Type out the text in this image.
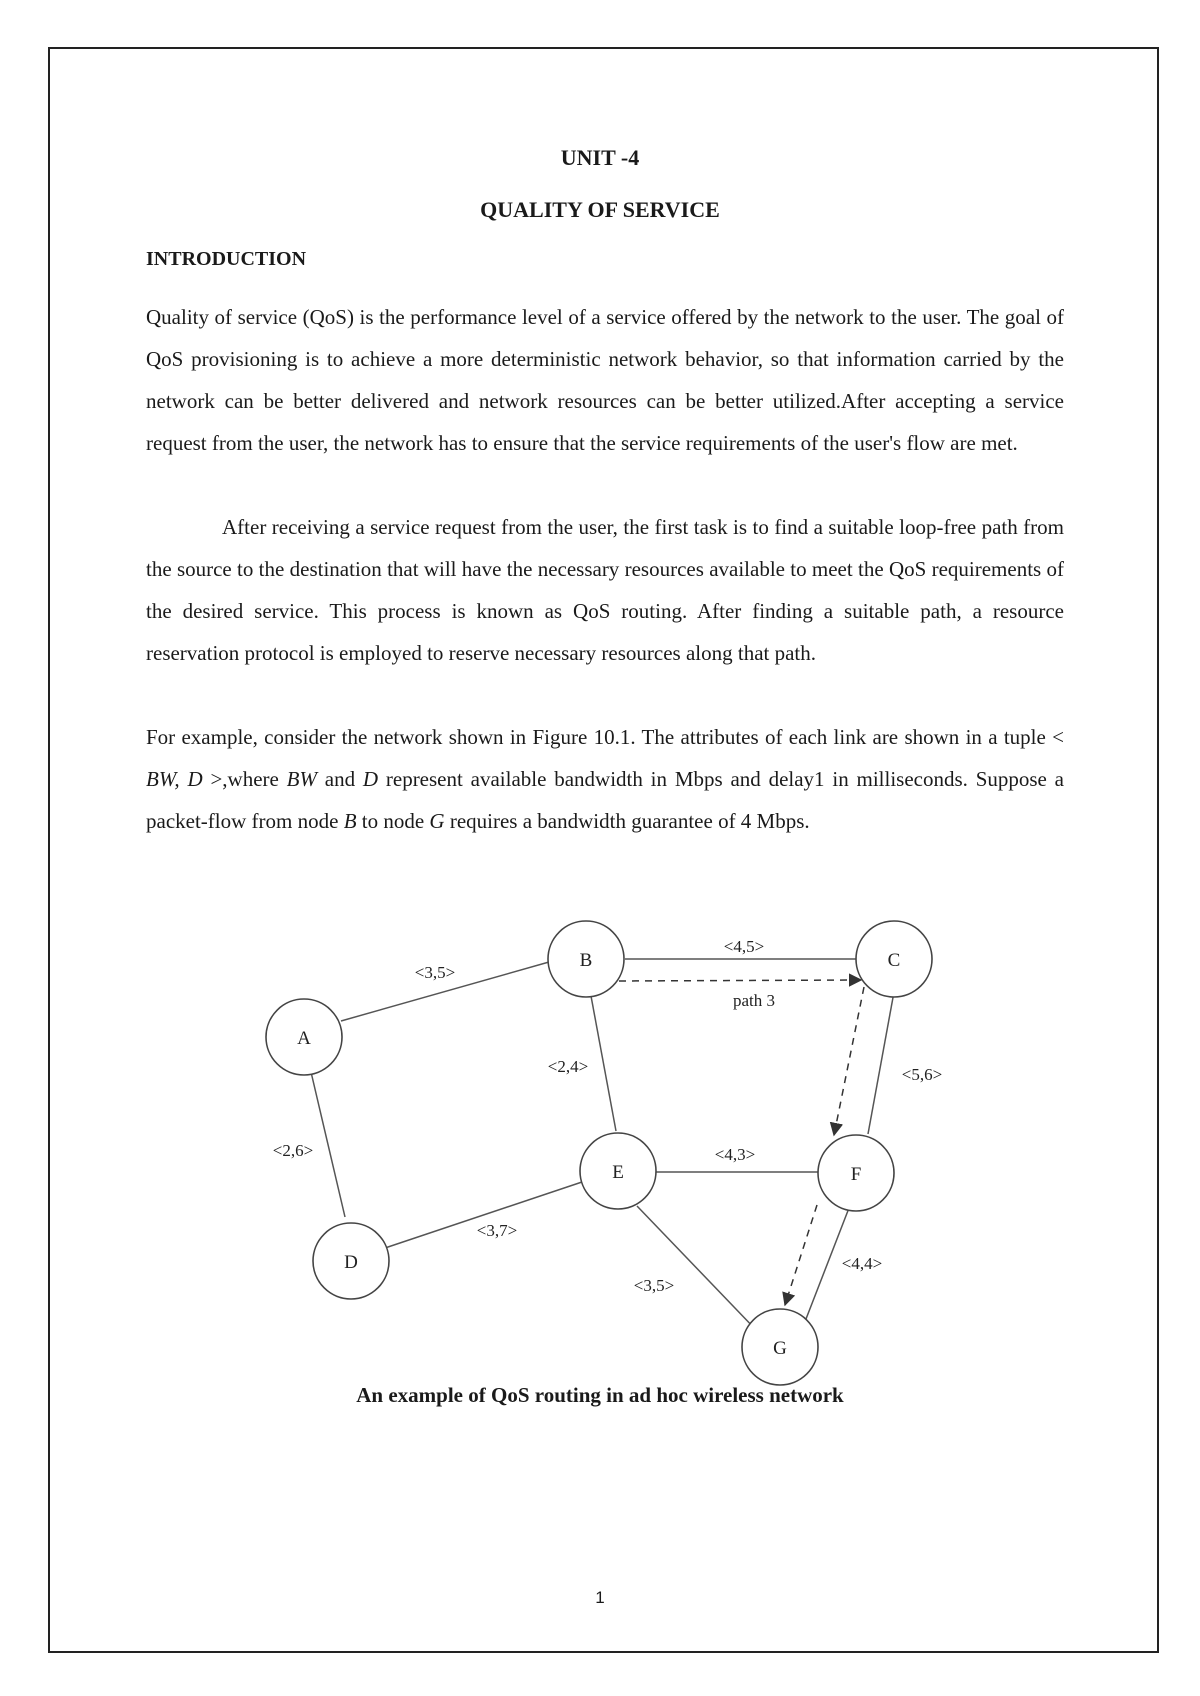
UNIT -4
QUALITY OF SERVICE
INTRODUCTION

Quality of service (QoS) is the performance level of a service offered by the network to the user. The goal of QoS provisioning is to achieve a more deterministic network behavior, so that information carried by the network can be better delivered and network resources can be better utilized.After accepting a service request from the user, the network has to ensure that the service requirements of the user's flow are met.

After receiving a service request from the user, the first task is to find a suitable loop-free path from the source to the destination that will have the necessary resources available to meet the QoS requirements of the desired service. This process is known as QoS routing. After finding a suitable path, a resource reservation protocol is employed to reserve necessary resources along that path.

For example, consider the network shown in Figure 10.1. The attributes of each link are shown in a tuple < BW, D >,where BW and D represent available bandwidth in Mbps and delay1 in milliseconds. Suppose a packet-flow from node B to node G requires a bandwidth guarantee of 4 Mbps.

A
B	C
D
E	F
G
<3,5>
<4,5>
path 3
<2,4>	<5,6>
<2,6>	<4,3>
<3,7>
<4,4>
<3,5>
An example of QoS routing in ad hoc wireless network
1
